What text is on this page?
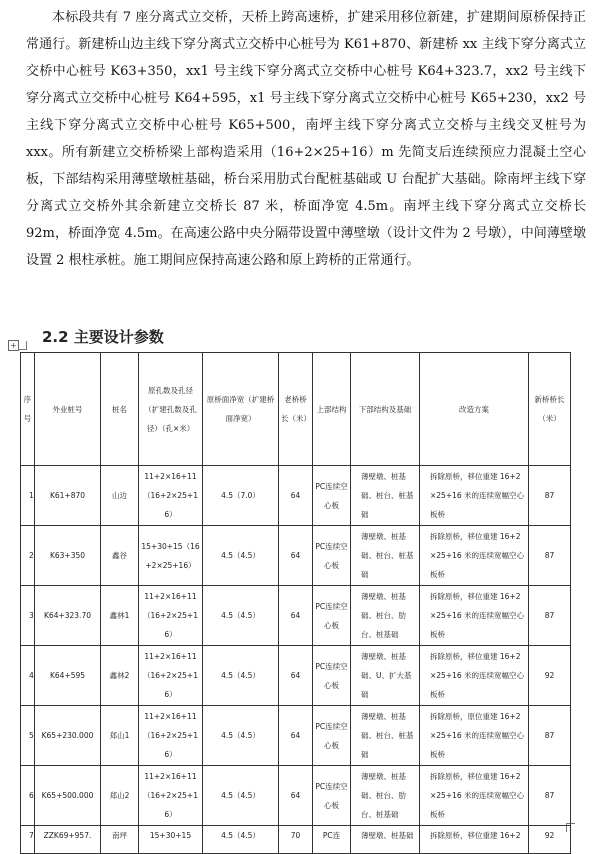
本标段共有 7 座分离式立交桥，天桥上跨高速桥，扩建采用移位新建，扩建期间原桥保持正常通行。新建桥山边主线下穿分离式立交桥中心桩号为 K61+870、新建桥 xx 主线下穿分离式立交桥中心桩号 K63+350，xx1 号主线下穿分离式立交桥中心桩号 K64+323.7，xx2 号主线下穿分离式立交桥中心桩号 K64+595，x1 号主线下穿分离式立交桥中心桩号 K65+230，xx2 号主线下穿分离式立交桥中心桩号 K65+500，南坪主线下穿分离式立交桥与主线交叉桩号为 xxx。所有新建立交桥桥梁上部构造采用（16+2×25+16）m 先简支后连续预应力混凝土空心板，下部结构采用薄壁墩桩基础，桥台采用肋式台配桩基础或 U 台配扩大基础。除南坪主线下穿分离式立交桥外其余新建立交桥长 87 米，桥面净宽 4.5m。南坪主线下穿分离式立交桥长 92m，桥面净宽 4.5m。在高速公路中央分隔带设置中薄壁墩（设计文件为 2 号墩），中间薄壁墩设置 2 根柱承桩。施工期间应保持高速公路和原上跨桥的正常通行。

2.2 主要设计参数
+
序号	外业桩号	桩名	原孔数及孔径（扩建孔数及孔径）（孔×米）	原桥面净宽（扩建桥面净宽）	老桥桥长（米）	上部结构	下部结构及基础	改造方案	新桥桥长（米）
1	K61+870	山边	11+2×16+11（16+2×25+16）	4.5（7.0）	64	PC连续空心板	薄壁墩、桩基础、桩台、桩基础	拆除原桥，移位重建 16+2×25+16 米的连续宽幅空心板桥	87
2	K63+350	鑫谷	15+30+15（16+2×25+16）	4.5（4.5）	64	PC连续空心板	薄壁墩、桩基础、桩台、桩基础	拆除原桥，移位重建 16+2×25+16 米的连续宽幅空心板桥	87
3	K64+323.70	鑫林1	11+2×16+11（16+2×25+16）	4.5（4.5）	64	PC连续空心板	薄壁墩、桩基础、桩台、肋台、桩基础	拆除原桥，移位重建 16+2×25+16 米的连续宽幅空心板桥	87
4	K64+595	鑫林2	11+2×16+11（16+2×25+16）	4.5（4.5）	64	PC连续空心板	薄壁墩、桩基础、U、扩大基础	拆除原桥，移位重建 16+2×25+16 米的连续宽幅空心板桥	92
5	K65+230.000	郑山1	11+2×16+11（16+2×25+16）	4.5（4.5）	64	PC连续空心板	薄壁墩、桩基础、桩台、桩基础	拆除原桥，原位重建 16+2×25+16 米的连续宽幅空心板桥	87
6	K65+500.000	郑山2	11+2×16+11（16+2×25+16）	4.5（4.5）	64	PC连续空心板	薄壁墩、桩基础、桩台、肋台、桩基础	拆除原桥，移位重建 16+2×25+16 米的连续宽幅空心板桥	87
7	ZZK69+957.	南坪	15+30+15	4.5（4.5）	70	PC连	薄壁墩、桩基础	拆除原桥，移位重建 16+2	92
